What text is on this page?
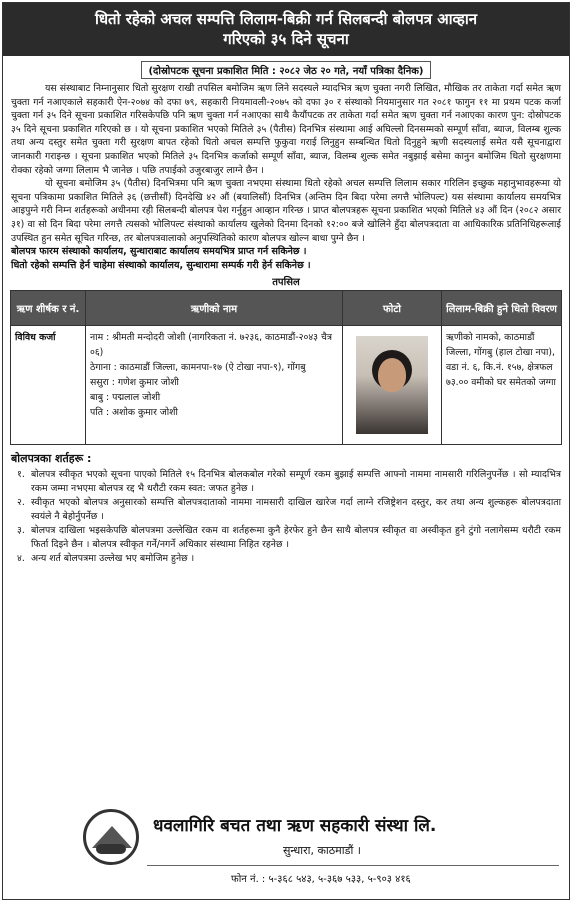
धितो रहेको अचल सम्पत्ति लिलाम-बिक्री गर्न सिलबन्दी बोलपत्र आव्हान
गरिएको ३५ दिने सूचना
(दोस्रोपटक सूचना प्रकाशित मिति : २०८२ जेठ २० गते, नयाँ पत्रिका दैनिक)

यस संस्थाबाट निम्नानुसार धितो सुरक्षण राखी तपसिल बमोजिम ऋण लिने सदस्यले म्यादभित्र ऋण चुक्ता नगरी लिखित, मौखिक तर ताकेता गर्दा समेत ऋण चुक्ता गर्न नआएकाले सहकारी ऐन-२०७४ को दफा ७९, सहकारी नियमावली-२०७५ को दफा ३० र संस्थाको नियमानुसार गत २०८१ फागुन ११ मा प्रथम पटक कर्जा चुक्ता गर्न ३५ दिने सूचना प्रकाशित गरिसकेपछि पनि ऋण चुक्ता गर्न नआएका साथै कैयौंपटक तर ताकेता गर्दा समेत ऋण चुक्ता गर्न नआएका कारण पुन: दोस्रोपटक ३५ दिने सूचना प्रकाशित गरिएको छ । यो सूचना प्रकाशित भएको मितिले ३५ (पैतीस) दिनभित्र संस्थामा आई अघिल्लो दिनसम्मको सम्पूर्ण साँवा, ब्याज, विलम्ब शुल्क तथा अन्य दस्तुर समेत चुक्ता गरी सुरक्षण बापत रहेको धितो अचल सम्पत्ति फुकुवा गराई लिनुहुन सम्बन्धित धितो दिनुहुने ऋणी सदस्यलाई समेत यसै सूचनाद्वारा जानकारी गराइन्छ । सूचना प्रकाशित भएको मितिले ३५ दिनभित्र कर्जाको सम्पूर्ण साँवा, ब्याज, विलम्ब शुल्क समेत नबुझाई बसेमा कानुन बमोजिम धितो सुरक्षणमा रोक्का रहेको जग्गा लिलाम भै जानेछ । पछि तपाईको उजुरबाजुर लाग्ने छैन ।

यो सूचना बमोजिम ३५ (पैतीस) दिनभित्रमा पनि ऋण चुक्ता नभएमा संस्थामा धितो रहेको अचल सम्पत्ति लिलाम सकार गरिलिन इच्छुक महानुभावहरूमा यो सूचना पत्रिकामा प्रकाशित मितिले ३६ (छत्तीसौं) दिनदेखि ४२ औं (बयालिसौं) दिनभित्र (अन्तिम दिन बिदा परेमा लगत्तै भोलिपल्ट) यस संस्थामा कार्यालय समयभित्र आइपुग्ने गरी निम्न शर्तहरूको अधीनमा रही सिलबन्दी बोलपत्र पेश गर्नुहुन आव्हान गरिन्छ । प्राप्त बोलपत्रहरू सूचना प्रकाशित भएको मितिले ४३ औं दिन (२०८२ असार ३१) वा सो दिन बिदा परेमा लगत्तै त्यसको भोलिपल्ट संस्थाको कार्यालय खुलेको दिनमा दिनको १२:०० बजे खोलिने हुँदा बोलपत्रदाता वा आधिकारिक प्रतिनिधिहरूलाई उपस्थित हुन समेत सूचित गरिन्छ, तर बोलपत्रवालाको अनुपस्थितिको कारण बोलपत्र खोल्न बाधा पुग्ने छैन ।

बोलपत्र फारम संस्थाको कार्यालय, सुन्धाराबाट कार्यालय समयभित्र प्राप्त गर्न सकिनेछ ।

धितो रहेको सम्पत्ति हेर्न चाहेमा संस्थाको कार्यालय, सुन्धारामा सम्पर्क गरी हेर्न सकिनेछ ।

तपसिल
ऋण शीर्षक र नं.	ऋणीको नाम	फोटो	लिलाम-बिक्री हुने धितो विवरण
विविध कर्जा	नाम : श्रीमती मन्दोदरी जोशी (नागरिकता नं. ७२३६, काठमाडौं-२०४३ चैत्र ०६)
ठेगाना : काठमाडौं जिल्ला, कामनपा-१७ (ऐ टोखा नपा-९), गोंगबु
ससुरा : गणेश कुमार जोशी
बाबु : पद्मलाल जोशी
पति : अशोक कुमार जोशी		ऋणीको नामको, काठमाडौं जिल्ला, गोंगबु (हाल टोखा नपा), वडा नं. ६, कि.नं. १५७, क्षेत्रफल ७३.०० वमीको घर समेतको जग्गा
बोलपत्रका शर्तहरू :
१. बोलपत्र स्वीकृत भएको सूचना पाएको मितिले १५ दिनभित्र बोलकबोल गरेको सम्पूर्ण रकम बुझाई सम्पत्ति आफ्नो नाममा नामसारी गरिलिनुपर्नेछ । सो म्यादभित्र रकम जम्मा नभएमा बोलपत्र रद्द भै धरौटी रकम स्वत: जफत हुनेछ ।
२. स्वीकृत भएको बोलपत्र अनुसारको सम्पत्ति बोलपत्रदाताको नाममा नामसारी दाखिल खारेज गर्दा लाग्ने रजिष्ट्रेशन दस्तुर, कर तथा अन्य शुल्कहरू बोलपत्रदाता स्वयंले नै बेहोर्नुपर्नेछ ।
३. बोलपत्र दाखिला भइसकेपछि बोलपत्रमा उल्लेखित रकम वा शर्तहरूमा कुनै हेरफेर हुने छैन साथै बोलपत्र स्वीकृत वा अस्वीकृत हुने टुंगो नलागेसम्म धरौटी रकम फिर्ता दिइने छैन । बोलपत्र स्वीकृत गर्ने/नगर्ने अधिकार संस्थामा निहित रहनेछ ।
४. अन्य शर्त बोलपत्रमा उल्लेख भए बमोजिम हुनेछ ।
धवलागिरि बचत तथा ऋण सहकारी संस्था लि.
सुन्धारा, काठमाडौं ।
फोन नं. : ५-३६८ ५४३, ५-३६७ ५३३, ५-९०३ ४१६
